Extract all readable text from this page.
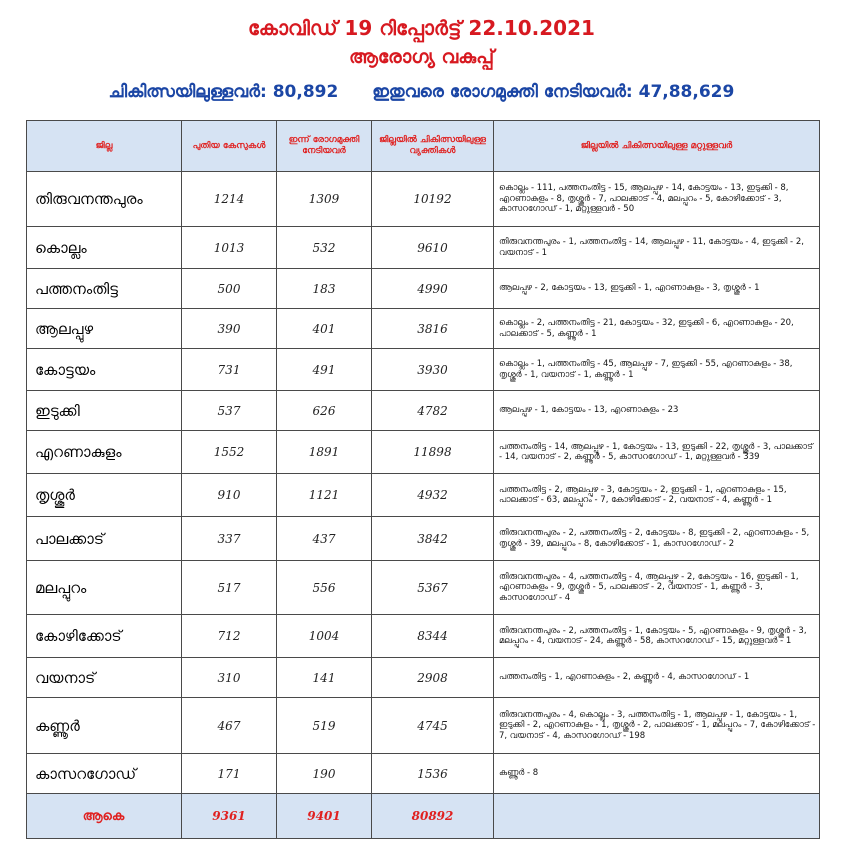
കോവിഡ് 19 റിപ്പോർട്ട് 22.10.2021
ആരോഗ്യ വകുപ്പ്
ചികിത്സയിലുള്ളവർ: 80,892 ഇതുവരെ രോഗമുക്തി നേടിയവർ: 47,88,629
ജില്ല	പുതിയ കേസുകൾ	ഇന്ന് രോഗമുക്തി നേടിയവർ	ജില്ലയിൽ ചികിത്സയിലുള്ള വ്യക്തികൾ	ജില്ലയിൽ ചികിത്സയിലുള്ള മറ്റുള്ളവർ
തിരുവനന്തപുരം	1214	1309	10192	കൊല്ലം - 111, പത്തനംതിട്ട - 15, ആലപ്പുഴ - 14, കോട്ടയം - 13, ഇടുക്കി - 8, എറണാകുളം - 8, തൃശ്ശൂർ - 7, പാലക്കാട് - 4, മലപ്പുറം - 5, കോഴിക്കോട് - 3, കാസറഗോഡ് - 1, മറ്റുള്ളവർ - 50
കൊല്ലം	1013	532	9610	തിരുവനന്തപുരം - 1, പത്തനംതിട്ട - 14, ആലപ്പുഴ - 11, കോട്ടയം - 4, ഇടുക്കി - 2, വയനാട് - 1
പത്തനംതിട്ട	500	183	4990	ആലപ്പുഴ - 2, കോട്ടയം - 13, ഇടുക്കി - 1, എറണാകുളം - 3, തൃശ്ശൂർ - 1
ആലപ്പുഴ	390	401	3816	കൊല്ലം - 2, പത്തനംതിട്ട - 21, കോട്ടയം - 32, ഇടുക്കി - 6, എറണാകുളം - 20, പാലക്കാട് - 5, കണ്ണൂർ - 1
കോട്ടയം	731	491	3930	കൊല്ലം - 1, പത്തനംതിട്ട - 45, ആലപ്പുഴ - 7, ഇടുക്കി - 55, എറണാകുളം - 38, തൃശ്ശൂർ - 1, വയനാട് - 1, കണ്ണൂർ - 1
ഇടുക്കി	537	626	4782	ആലപ്പുഴ - 1, കോട്ടയം - 13, എറണാകുളം - 23
എറണാകുളം	1552	1891	11898	പത്തനംതിട്ട - 14, ആലപ്പുഴ - 1, കോട്ടയം - 13, ഇടുക്കി - 22, തൃശ്ശൂർ - 3, പാലക്കാട് - 14, വയനാട് - 2, കണ്ണൂർ - 5, കാസറഗോഡ് - 1, മറ്റുള്ളവർ - 339
തൃശ്ശൂർ	910	1121	4932	പത്തനംതിട്ട - 2, ആലപ്പുഴ - 3, കോട്ടയം - 2, ഇടുക്കി - 1, എറണാകുളം - 15, പാലക്കാട് - 63, മലപ്പുറം - 7, കോഴിക്കോട് - 2, വയനാട് - 4, കണ്ണൂർ - 1
പാലക്കാട്	337	437	3842	തിരുവനന്തപുരം - 2, പത്തനംതിട്ട - 2, കോട്ടയം - 8, ഇടുക്കി - 2, എറണാകുളം - 5, തൃശ്ശൂർ - 39, മലപ്പുറം - 8, കോഴിക്കോട് - 1, കാസറഗോഡ് - 2
മലപ്പുറം	517	556	5367	തിരുവനന്തപുരം - 4, പത്തനംതിട്ട - 4, ആലപ്പുഴ - 2, കോട്ടയം - 16, ഇടുക്കി - 1, എറണാകുളം - 9, തൃശ്ശൂർ - 5, പാലക്കാട് - 2, വയനാട് - 1, കണ്ണൂർ - 3, കാസറഗോഡ് - 4
കോഴിക്കോട്	712	1004	8344	തിരുവനന്തപുരം - 2, പത്തനംതിട്ട - 1, കോട്ടയം - 5, എറണാകുളം - 9, തൃശ്ശൂർ - 3, മലപ്പുറം - 4, വയനാട് - 24, കണ്ണൂർ - 58, കാസറഗോഡ് - 15, മറ്റുള്ളവർ - 1
വയനാട്	310	141	2908	പത്തനംതിട്ട - 1, എറണാകുളം - 2, കണ്ണൂർ - 4, കാസറഗോഡ് - 1
കണ്ണൂർ	467	519	4745	തിരുവനന്തപുരം - 4, കൊല്ലം - 3, പത്തനംതിട്ട - 1, ആലപ്പുഴ - 1, കോട്ടയം - 1, ഇടുക്കി - 2, എറണാകുളം - 1, തൃശ്ശൂർ - 2, പാലക്കാട് - 1, മലപ്പുറം - 7, കോഴിക്കോട് - 7, വയനാട് - 4, കാസറഗോഡ് - 198
കാസറഗോഡ്	171	190	1536	കണ്ണൂർ - 8
ആകെ	9361	9401	80892	
